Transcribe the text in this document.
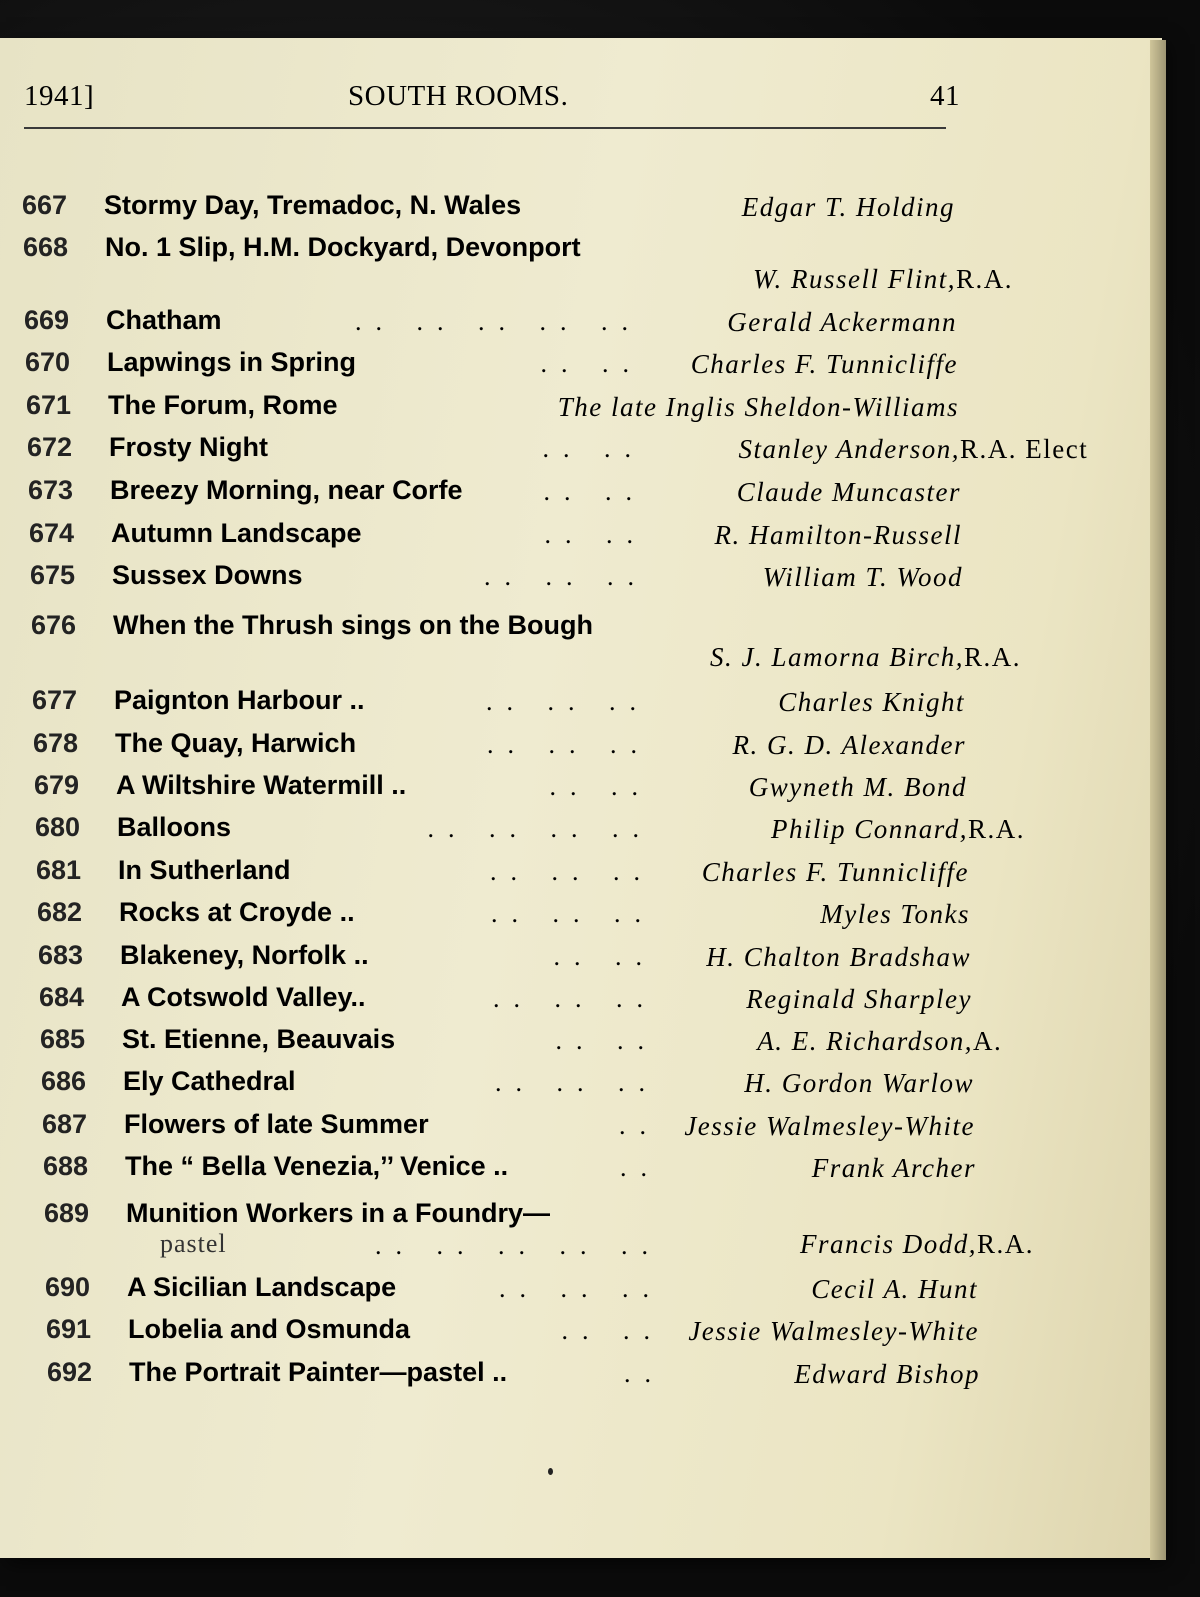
1941]	SOUTH ROOMS.	41
667 Stormy Day, Tremadoc, N. Wales	Edgar T. Holding
668 No. 1 Slip, H.M. Dockyard, Devonport
W. Russell Flint, R.A.
669 Chatham	.. .. .. .. ..	Gerald Ackermann
670 Lapwings in Spring	.. .. Charles F. Tunnicliffe
671 The Forum, Rome	The late Inglis Sheldon-Williams
672 Frosty Night	.. ..	Stanley Anderson, R.A. Elect
673 Breezy Morning, near Corfe	.. ..	Claude Muncaster
674 Autumn Landscape	.. ..	R. Hamilton-Russell
675 Sussex Downs	.. .. ..	William T. Wood
676 When the Thrush sings on the Bough
S. J. Lamorna Birch, R.A.
677 Paignton Harbour ..	.. .. ..	Charles Knight
678 The Quay, Harwich	.. .. ..	R. G. D. Alexander
679 A Wiltshire Watermill ..	.. ..	Gwyneth M. Bond
680 Balloons	.. .. .. ..	Philip Connard, R.A.
681 In Sutherland	.. .. .. Charles F. Tunnicliffe
682 Rocks at Croyde ..	.. .. ..	Myles Tonks
683 Blakeney, Norfolk ..	.. .. H. Chalton Bradshaw
684 A Cotswold Valley..	.. .. ..	Reginald Sharpley
685 St. Etienne, Beauvais	.. ..	A. E. Richardson, A.
686 Ely Cathedral	.. .. ..	H. Gordon Warlow
687 Flowers of late Summer	.. Jessie Walmesley-White
688 The “ Bella Venezia,’’ Venice ..	..	Frank Archer
689 Munition Workers in a Foundry—
pastel	.. .. .. .. ..	Francis Dodd, R.A.
690 A Sicilian Landscape	.. .. ..	Cecil A. Hunt
691 Lobelia and Osmunda	.. .. Jessie Walmesley-White
692 The Portrait Painter—pastel ..	..	Edward Bishop
